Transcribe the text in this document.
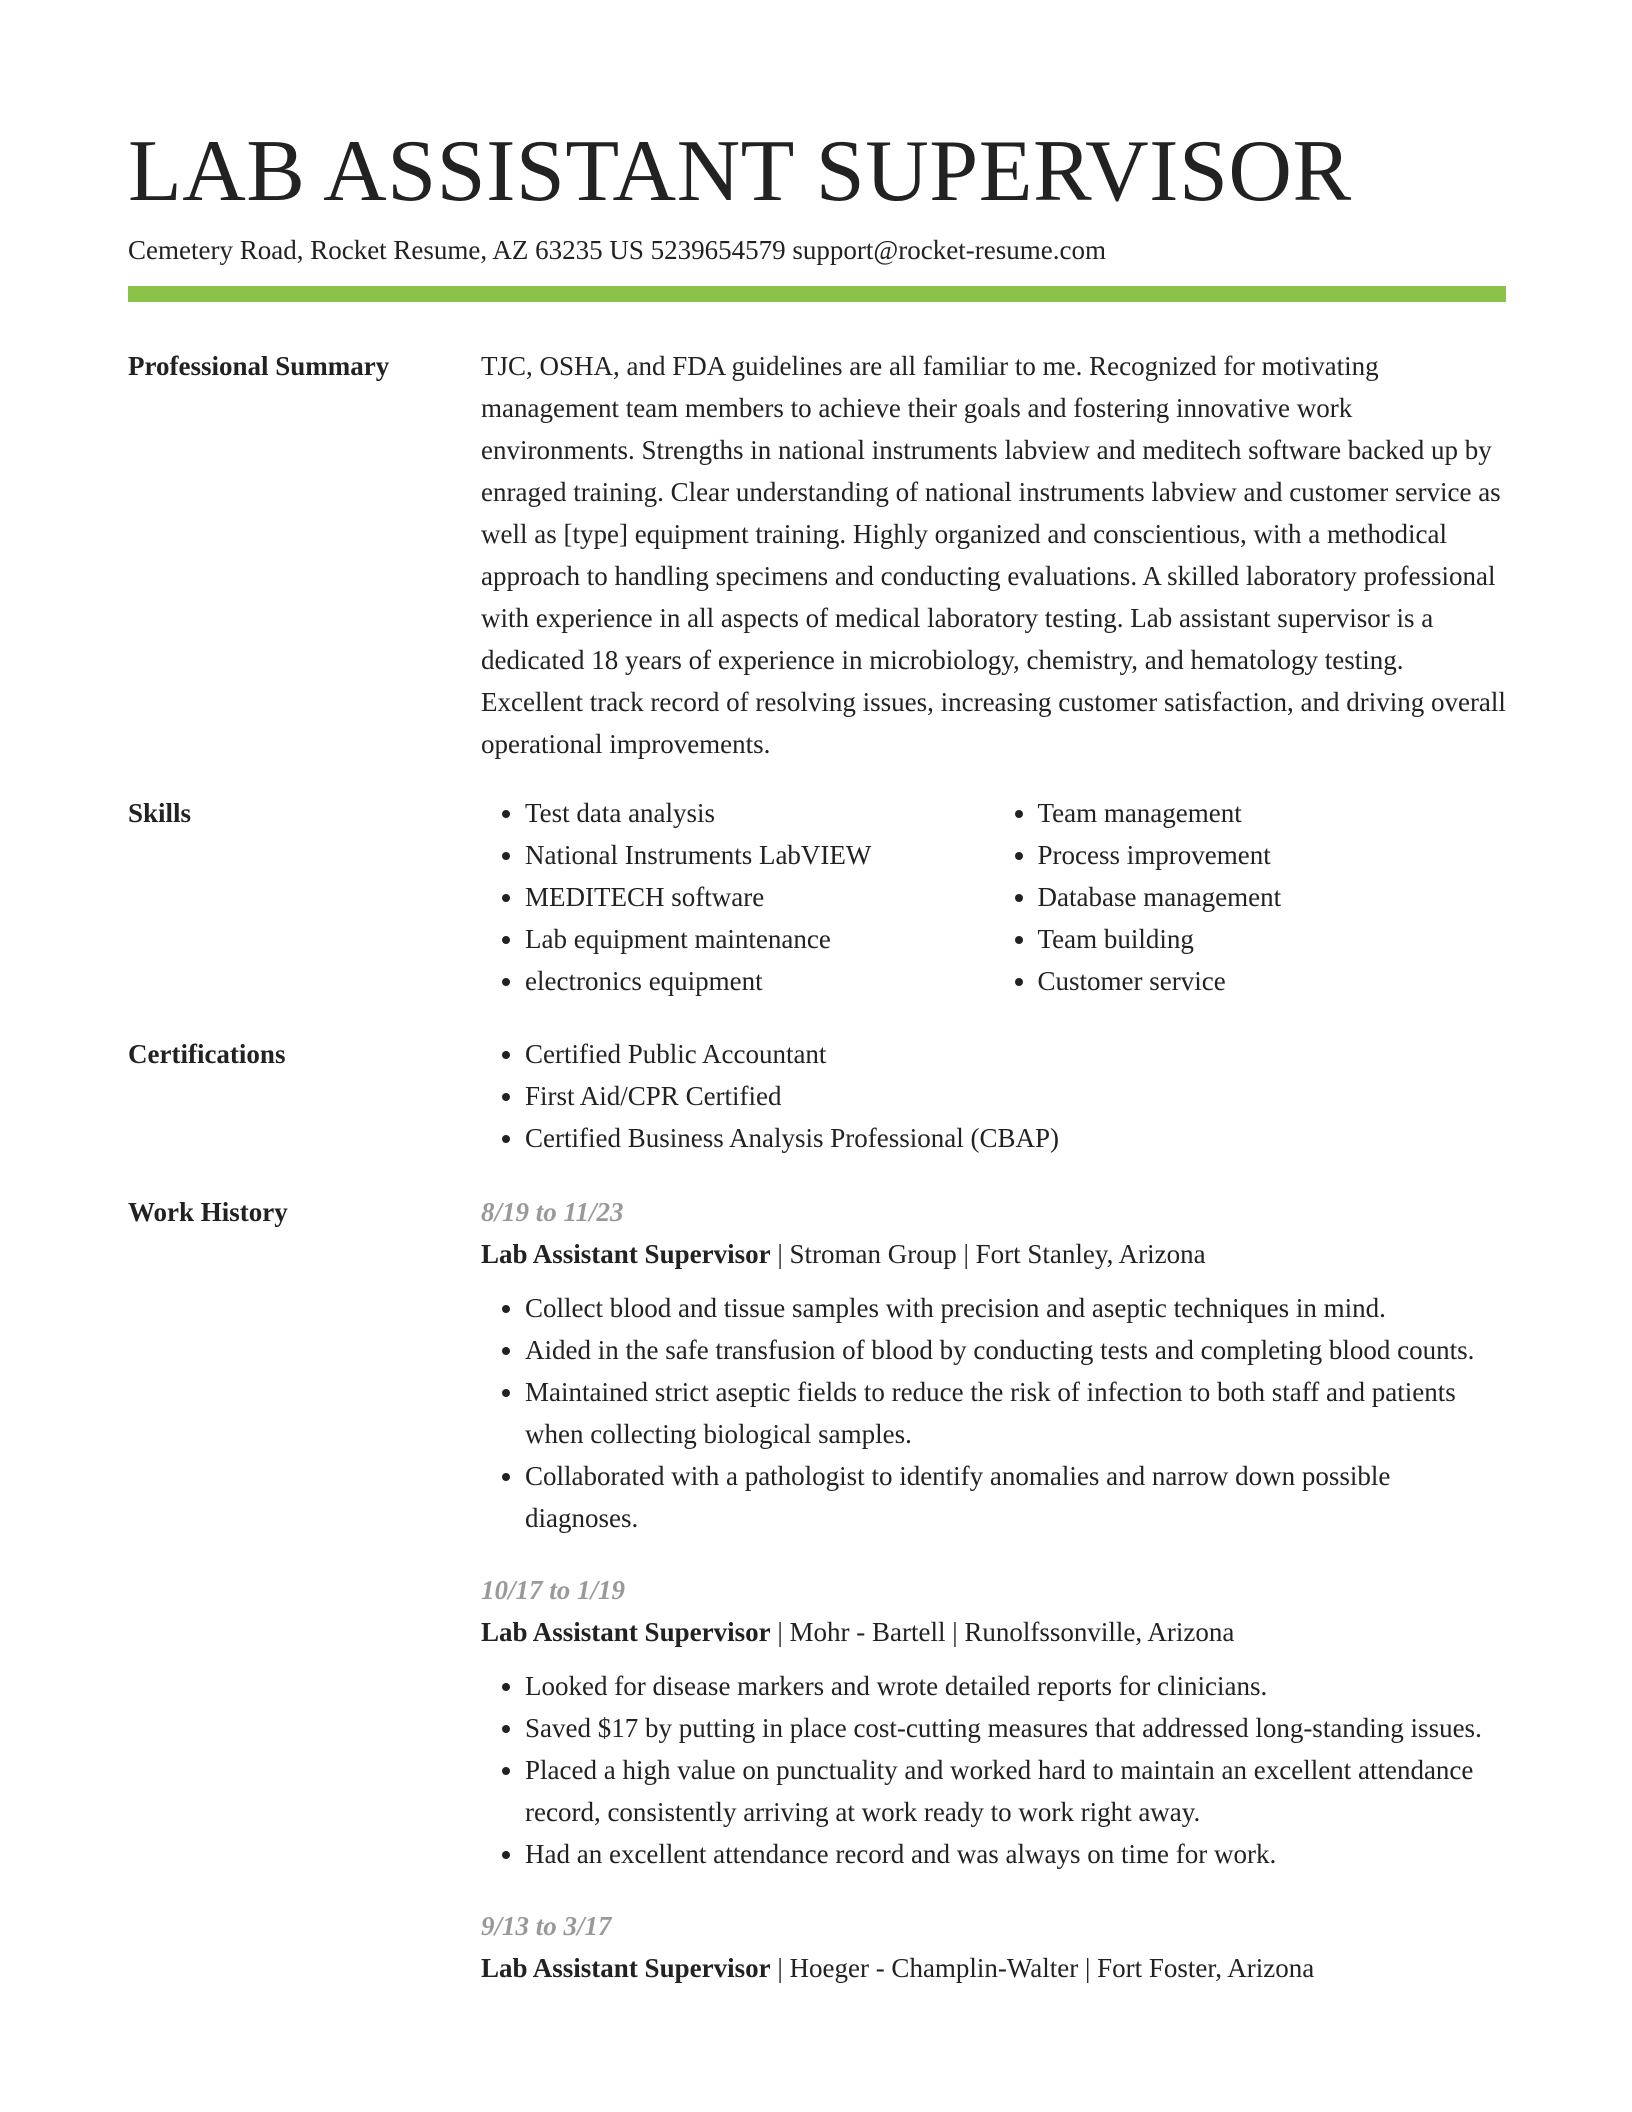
LAB ASSISTANT SUPERVISOR
Cemetery Road, Rocket Resume, AZ 63235 US 5239654579 support@rocket-resume.com
Professional Summary	TJC, OSHA, and FDA guidelines are all familiar to me. Recognized for motivating management team members to achieve their goals and fostering innovative work environments. Strengths in national instruments labview and meditech software backed up by enraged training. Clear understanding of national instruments labview and customer service as well as [type] equipment training. Highly organized and conscientious, with a methodical approach to handling specimens and conducting evaluations. A skilled laboratory professional with experience in all aspects of medical laboratory testing. Lab assistant supervisor is a dedicated 18 years of experience in microbiology, chemistry, and hematology testing. Excellent track record of resolving issues, increasing customer satisfaction, and driving overall operational improvements.

Skills	• Test data analysis
• National Instruments LabVIEW
• MEDITECH software
• Lab equipment maintenance
• electronics equipment
• Team management
• Process improvement
• Database management
• Team building
• Customer service
Certifications	• Certified Public Accountant
• First Aid/CPR Certified
• Certified Business Analysis Professional (CBAP)
Work History	8/19 to 11/23
Lab Assistant Supervisor | Stroman Group | Fort Stanley, Arizona
• Collect blood and tissue samples with precision and aseptic techniques in mind.
• Aided in the safe transfusion of blood by conducting tests and completing blood counts.
• Maintained strict aseptic fields to reduce the risk of infection to both staff and patients when collecting biological samples.
• Collaborated with a pathologist to identify anomalies and narrow down possible diagnoses.
10/17 to 1/19
Lab Assistant Supervisor | Mohr - Bartell | Runolfssonville, Arizona
• Looked for disease markers and wrote detailed reports for clinicians.
• Saved $17 by putting in place cost-cutting measures that addressed long-standing issues.
• Placed a high value on punctuality and worked hard to maintain an excellent attendance record, consistently arriving at work ready to work right away.
• Had an excellent attendance record and was always on time for work.
9/13 to 3/17
Lab Assistant Supervisor | Hoeger - Champlin-Walter | Fort Foster, Arizona
